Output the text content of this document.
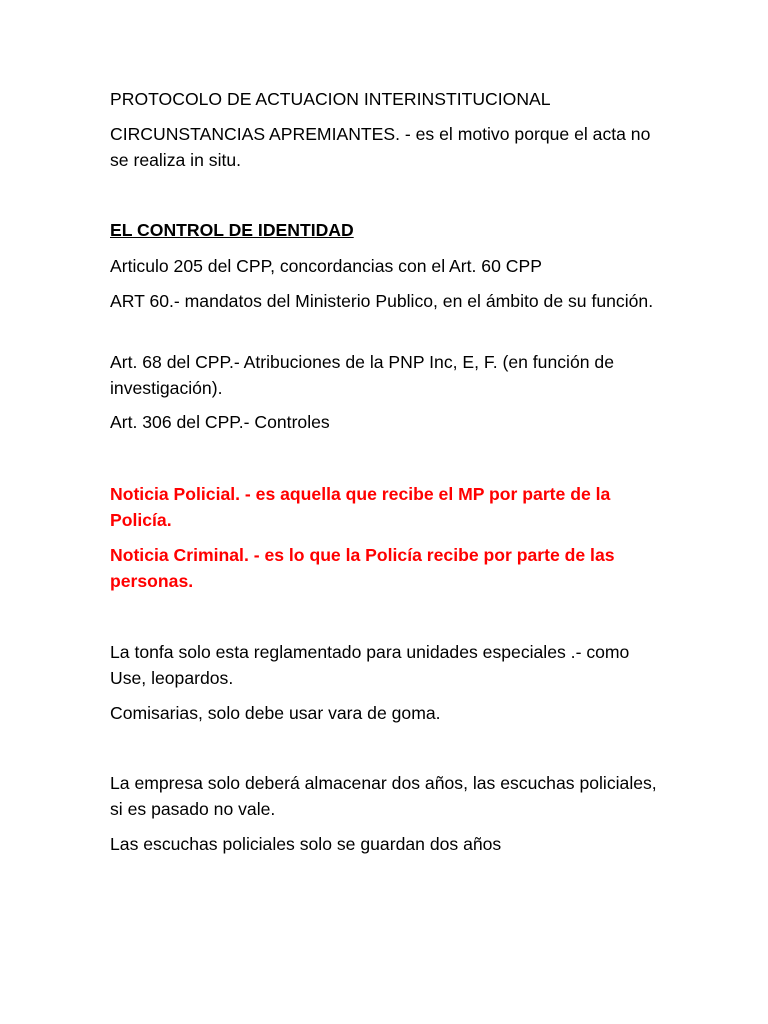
PROTOCOLO DE ACTUACION INTERINSTITUCIONAL

CIRCUNSTANCIAS APREMIANTES. - es el motivo porque el acta no se realiza in situ.

EL CONTROL DE IDENTIDAD

Articulo 205 del CPP, concordancias con el Art. 60 CPP

ART 60.- mandatos del Ministerio Publico, en el ámbito de su función.

Art. 68 del CPP.- Atribuciones de la PNP Inc, E, F. (en función de investigación).

Art. 306 del CPP.- Controles

Noticia Policial. - es aquella que recibe el MP por parte de la Policía.

Noticia Criminal. - es lo que la Policía recibe por parte de las personas.

La tonfa solo esta reglamentado para unidades especiales .- como Use, leopardos.

Comisarias, solo debe usar vara de goma.

La empresa solo deberá almacenar dos años, las escuchas policiales, si es pasado no vale.

Las escuchas policiales solo se guardan dos años
